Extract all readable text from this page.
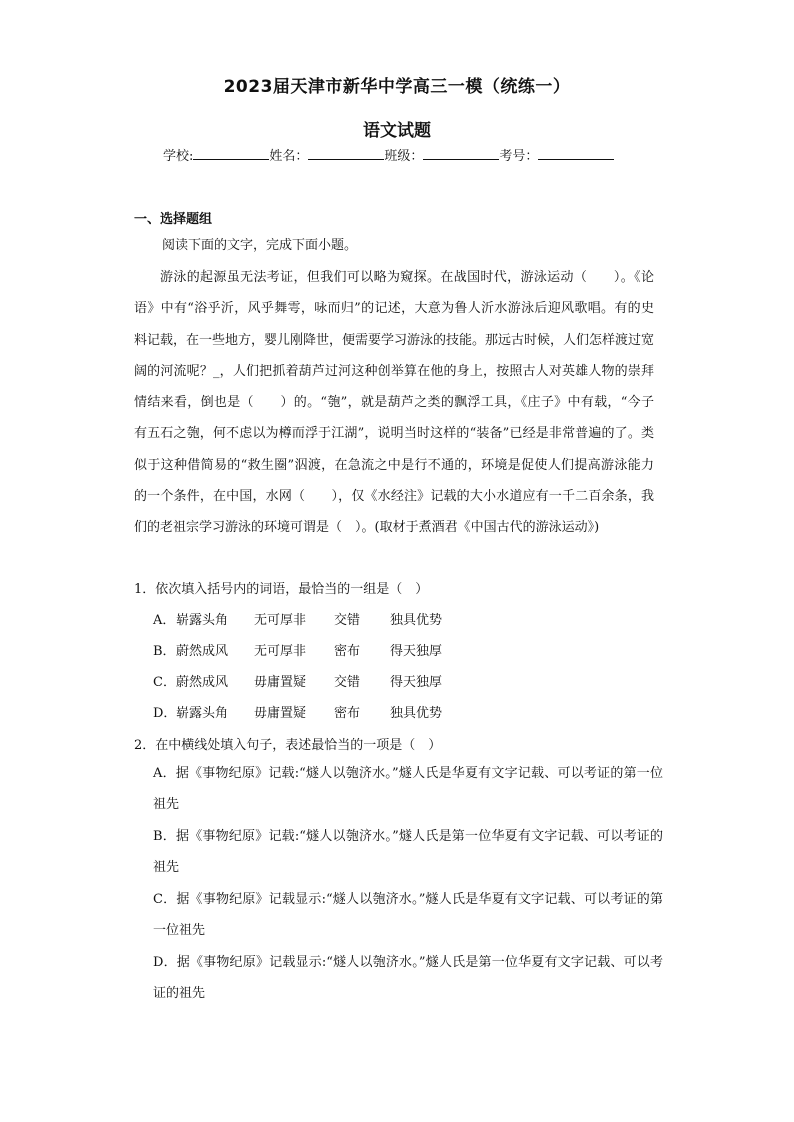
2023届天津市新华中学高三一模（统练一）
语文试题
学校:	姓名：	班级：	考号：
一、选择题组
阅读下面的文字，完成下面小题。

游泳的起源虽无法考证，但我们可以略为窥探。在战国时代，游泳运动（　　）。《论语》中有“浴乎沂，风乎舞雩，咏而归”的记述，大意为鲁人沂水游泳后迎风歌唱。有的史料记载，在一些地方，婴儿刚降世，便需要学习游泳的技能。那远古时候，人们怎样渡过宽阔的河流呢？_，人们把抓着葫芦过河这种创举算在他的身上，按照古人对英雄人物的崇拜情结来看，倒也是（　　）的。“匏”，就是葫芦之类的飘浮工具，《庄子》中有载，“今子有五石之匏，何不虑以为樽而浮于江湖”，说明当时这样的“装备”已经是非常普遍的了。类似于这种借简易的“救生圈”泅渡，在急流之中是行不通的，环境是促使人们提高游泳能力的一个条件，在中国，水网（　　），仅《水经注》记载的大小水道应有一千二百余条，我们的老祖宗学习游泳的环境可谓是（　）。(取材于煮酒君《中国古代的游泳运动》)

1．依次填入括号内的词语，最恰当的一组是（　）
A．崭露头角 无可厚非 交错 独具优势
B．蔚然成风 无可厚非 密布 得天独厚
C．蔚然成风 毋庸置疑 交错 得天独厚
D．崭露头角 毋庸置疑 密布 独具优势
2．在中横线处填入句子，表述最恰当的一项是（　）

A．据《事物纪原》记载:“燧人以匏济水。”燧人氏是华夏有文字记载、可以考证的第一位祖先

B．据《事物纪原》记载:“燧人以匏济水。”燧人氏是第一位华夏有文字记载、可以考证的祖先

C．据《事物纪原》记载显示:“燧人以匏济水。”燧人氏是华夏有文字记载、可以考证的第一位祖先

D．据《事物纪原》记载显示:“燧人以匏济水。”燧人氏是第一位华夏有文字记载、可以考证的祖先
